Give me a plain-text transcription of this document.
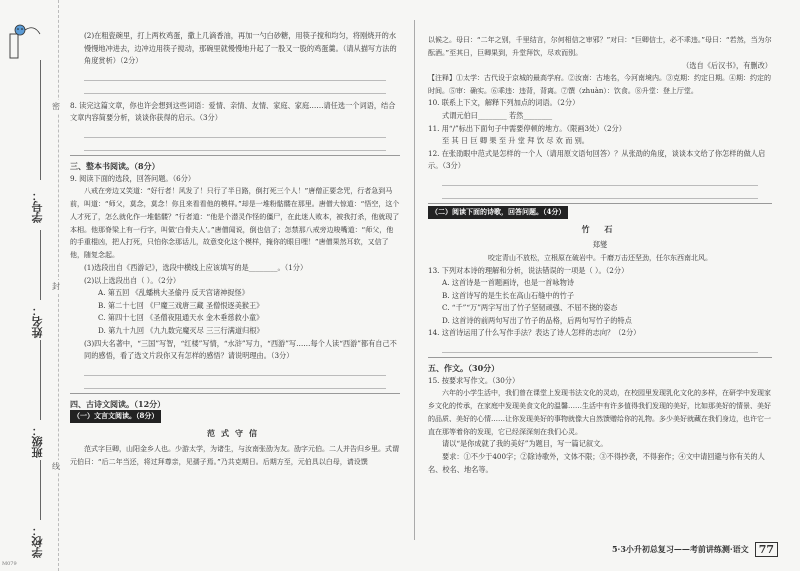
学号：
姓名：
班级：
学校：
密
封
线

(2)在粗瓷碗里，打上两枚鸡蛋，撒上几滴香油，再加一勺白砂糖，用筷子搅和均匀，将刚烧开的水慢慢地冲进去，边冲边用筷子搅动，那碗里就慢慢地升起了一股又一股的鸡蛋羹。（请从描写方法的角度赏析）（2分）

8. 读完这篇文章，你也许会想到这些词语：爱情、亲情、友情、家庭、家庭……请任选一个词语，结合文章内容简要分析，谈谈你获得的启示。（3分）

三、整本书阅读。（8分）

9. 阅读下面的选段，回答问题。（6分）

八戒在旁边又笑道：“好行者！风发了！只行了半日路，倒打死三个人！”唐僧正要念咒，行者急到马前，叫道：“师父，莫念，莫念！你且来看看他的模样。”却是一堆粉骷髅在那里。唐僧大惊道：“悟空，这个人才死了，怎么就化作一堆骷髅？”行者道：“他是个潜灵作怪的僵尸，在此迷人败本，被我打杀，他就现了本相。他那脊梁上有一行字，叫做‘白骨夫人’。”唐僧闻说，倒也信了；怎禁那八戒旁边唆嘴道：“师父，他的手重棍凶，把人打死，只怕你念那话儿，故意变化这个模样，掩你的眼目哩！”唐僧果然耳软，又信了他，随复念起。

(1)选段出自《西游记》，选段中横线上应该填写的是________。（1分）

(2)以上选段出自（ ）。（2分）

A. 第五回 《乱蟠桃大圣偷丹 反天宫诸神捉怪》

B. 第二十七回 《尸魔三戏唐三藏 圣僧恨逐美猴王》

C. 第四十七回 《圣僧夜阻通天水 金木垂慈救小童》

D. 第九十九回 《九九数完魔灭尽 三三行满道归根》

(3)四大名著中，“三国”写智，“红楼”写情，“水浒”写力，“西游”写……每个人读“西游”都有自己不同的感悟，看了选文片段你又有怎样的感悟？请说明理由。（3分）

四、古诗文阅读。（12分）

（一）文言文阅读。（8分）

范式守信

范式字巨卿，山阳金乡人也。少游太学，为诸生，与汝南张劭为友。劭字元伯。二人并告归乡里。式谓元伯曰：“后二年当还，将过拜尊亲，见孺子焉。”乃共克期日。后期方至，元伯具以白母，请设馔

以候之。母曰：“二年之别，千里结言，尔何相信之审邪？”对曰：“巨卿信士，必不乖违。”母曰：“若然，当为尔酝酒。”至其日，巨卿果到，升堂拜饮，尽欢而别。

（选自《后汉书》，有删改）

【注释】①太学：古代设于京城的最高学府。②汝南：古地名，今河南境内。③克期：约定日期。④期：约定的时间。⑤审：确实。⑥乖违：违背，背离。⑦馔（zhuàn）：饮食。⑧升堂：登上厅堂。

10. 联系上下文，解释下列加点的词语。（2分）

式谓元伯曰________ 若然________

11. 用“/”标出下面句子中需要停顿的地方。（限画3处）（2分）

至 其 日 巨 卿 果 至 升 堂 拜 饮 尽 欢 而 别。

12. 在张劭眼中范式是怎样的一个人（请用原文语句回答）？从张劭的角度，谈谈本文给了你怎样的做人启示。（3分）

（二）阅读下面的诗歌，回答问题。（4分）

竹 石

郑燮

咬定青山不放松，立根原在破岩中。千磨万击还坚劲，任尔东西南北风。

13. 下列对本诗的理解和分析，说法错误的一项是（ ）。（2分）

A. 这首诗是一首题画诗，也是一首咏物诗

B. 这首诗写的是生长在高山石缝中的竹子

C. “千”“万”两字写出了竹子坚韧顽强、不屈不挠的姿态

D. 这首诗的前两句写出了竹子的品格，后两句写竹子的特点

14. 这首诗运用了什么写作手法？表达了诗人怎样的志向？（2分）

五、作文。（30分）

15. 按要求写作文。（30分）

六年的小学生活中，我们曾在课堂上发现书法文化的灵动，在校园里发现乳化文化的多样，在研学中发现家乡文化的传承，在家庭中发现美食文化的温馨……生活中有许多值得我们发现的美好，比如那美好的情景、美好的品质、美好的心情……让你发现美好的事物就像大自然馈赠给你的礼物。多少美好就藏在我们身边，也许它一直在那等着你的发现，它已经深深刻在我们心灵。

请以“是你成就了我的美好”为题目，写一篇记叙文。

要求：①不少于400字；②除诗歌外，文体不限；③不得抄袭，不得套作；④文中请回避与你有关的人名、校名、地名等。

5·3小升初总复习——考前讲练测·语文 77
M079
